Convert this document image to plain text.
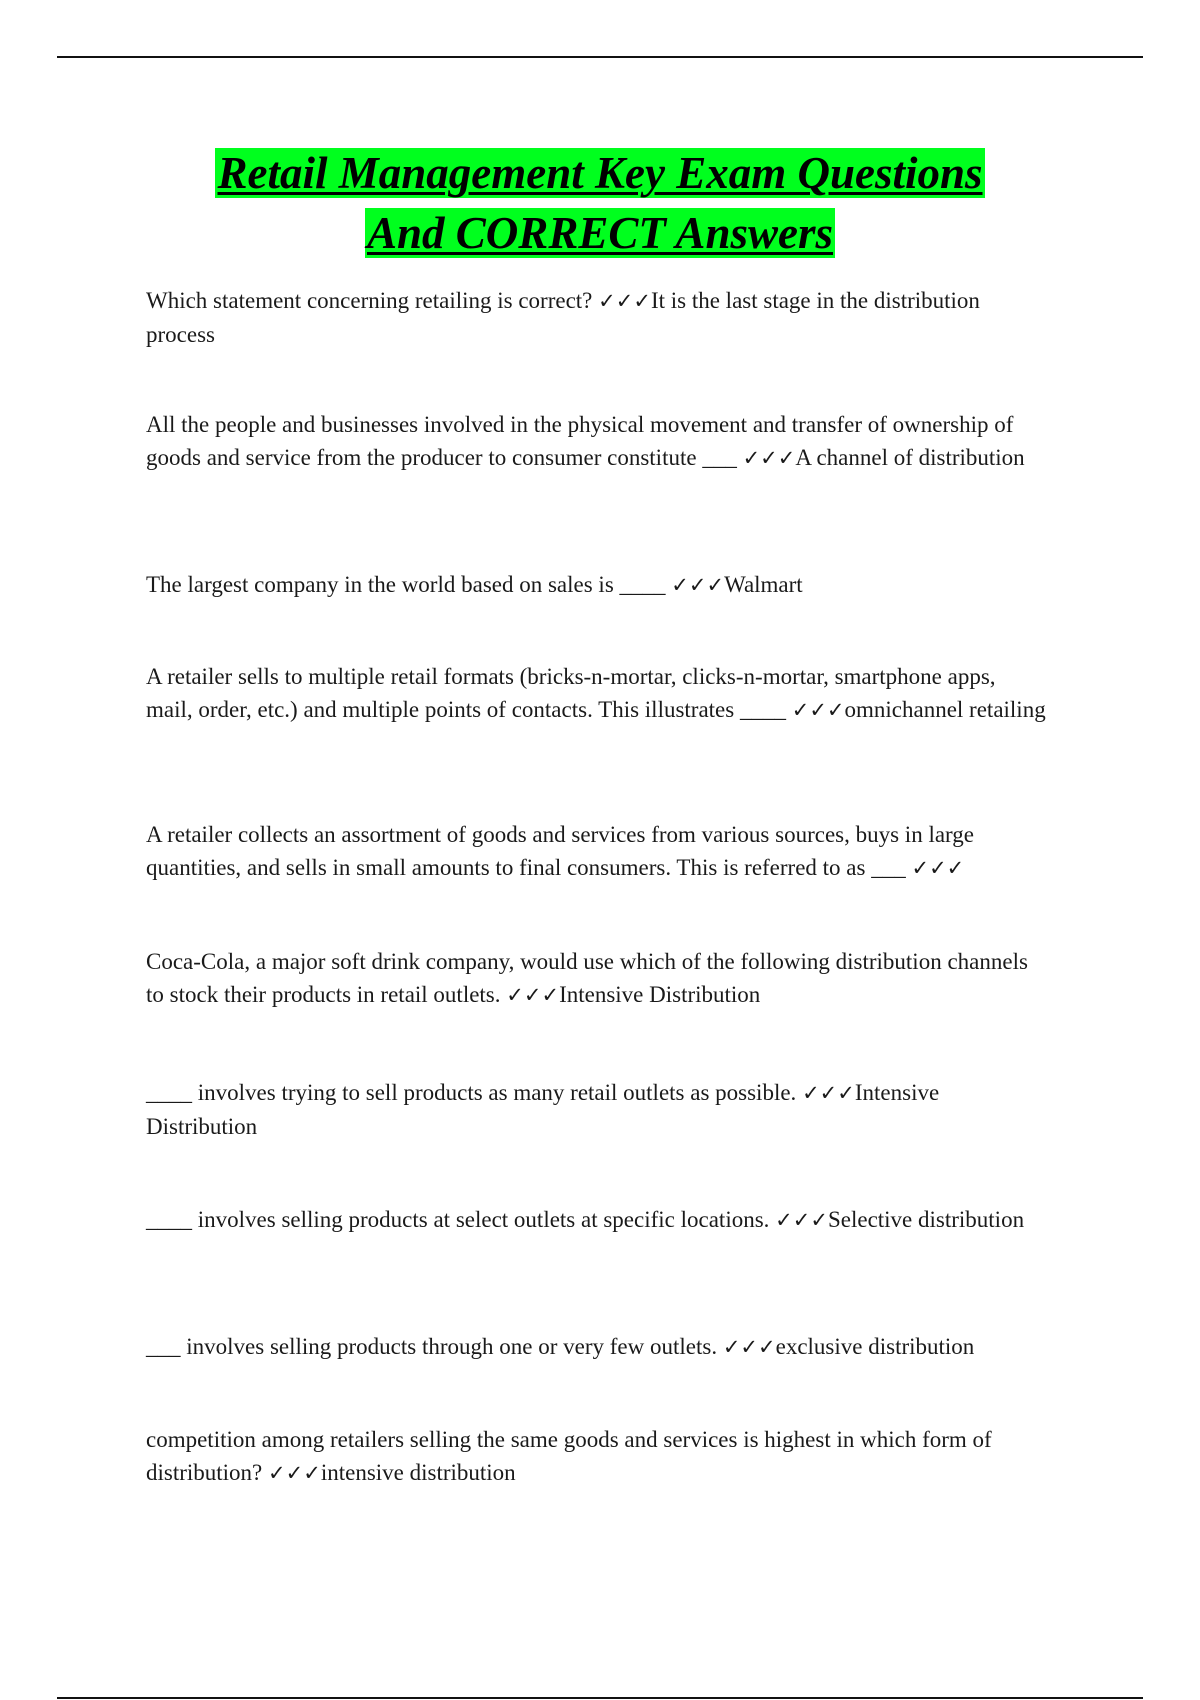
Retail Management Key Exam Questions
And CORRECT Answers

Which statement concerning retailing is correct? ✓✓✓It is the last stage in the distribution process

All the people and businesses involved in the physical movement and transfer of ownership of goods and service from the producer to consumer constitute ___ ✓✓✓A channel of distribution

The largest company in the world based on sales is ____ ✓✓✓Walmart

A retailer sells to multiple retail formats (bricks-n-mortar, clicks-n-mortar, smartphone apps, mail, order, etc.) and multiple points of contacts. This illustrates ____ ✓✓✓omnichannel retailing

A retailer collects an assortment of goods and services from various sources, buys in large quantities, and sells in small amounts to final consumers. This is referred to as ___ ✓✓✓

Coca-Cola, a major soft drink company, would use which of the following distribution channels to stock their products in retail outlets. ✓✓✓Intensive Distribution

____ involves trying to sell products as many retail outlets as possible. ✓✓✓Intensive Distribution

____ involves selling products at select outlets at specific locations. ✓✓✓Selective distribution

___ involves selling products through one or very few outlets. ✓✓✓exclusive distribution

competition among retailers selling the same goods and services is highest in which form of distribution? ✓✓✓intensive distribution
